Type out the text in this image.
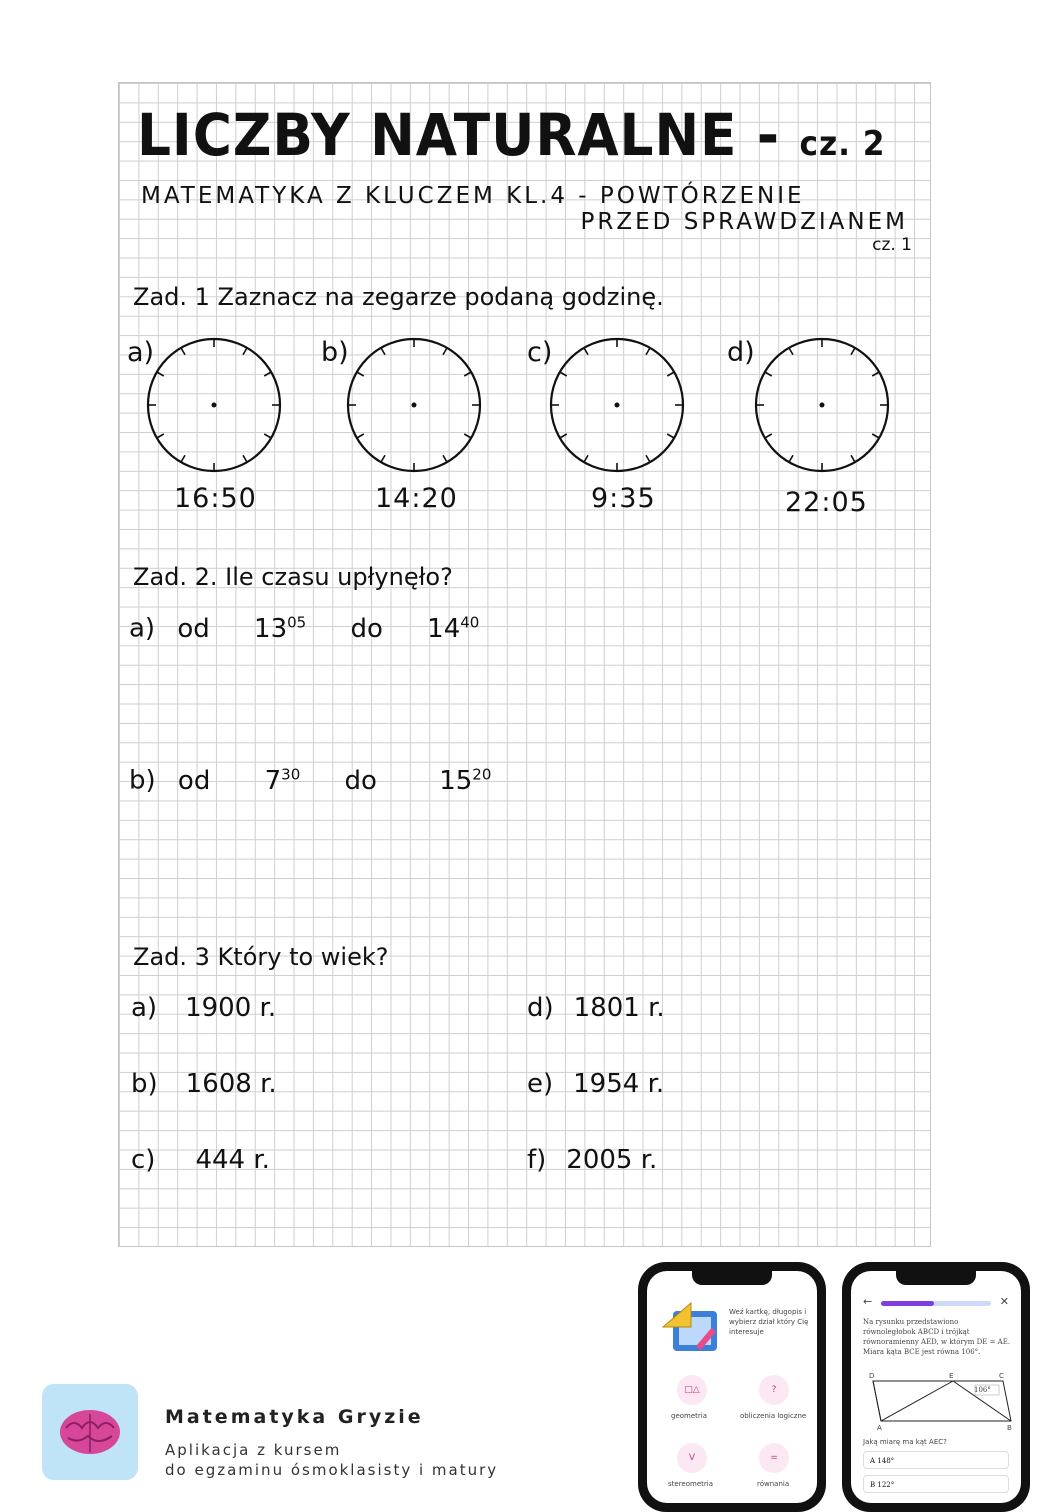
LICZBY NATURALNE - cz. 2
MATEMATYKA Z KLUCZEM KL.4 - POWTÓRZENIE
PRZED SPRAWDZIANEM
cz. 1
Zad. 1 Zaznacz na zegarze podaną godzinę.
a)	b)	c)	d)
16:50	14:20	9:35	22:05
Zad. 2. Ile czasu upłynęło?
a) od $13^{05}$ do $14^{40}$
b) od $7^{30}$ do $15^{20}$
Zad. 3 Który to wiek?
a) 1900 r.
b) 1608 r.
c) 444 r.
d) 1801 r.
e) 1954 r.
f) 2005 r.
Matematyka Gryzie
Aplikacja z kursem
do egzaminu ósmoklasisty i matury
Weź kartkę, długopis i wybierz dział który Cię interesuje
□△	?
geometria	obliczenia logiczne
V	=
stereometria	równania
←	✕
Na rysunku przedstawiono równoległobok ABCD i trójkąt równoramienny AED, w którym DE = AE. Miara kąta BCE jest równa 106°.
106°
D	E	C
A	B
Jaką miarę ma kąt AEC?
A 148°
B 122°
